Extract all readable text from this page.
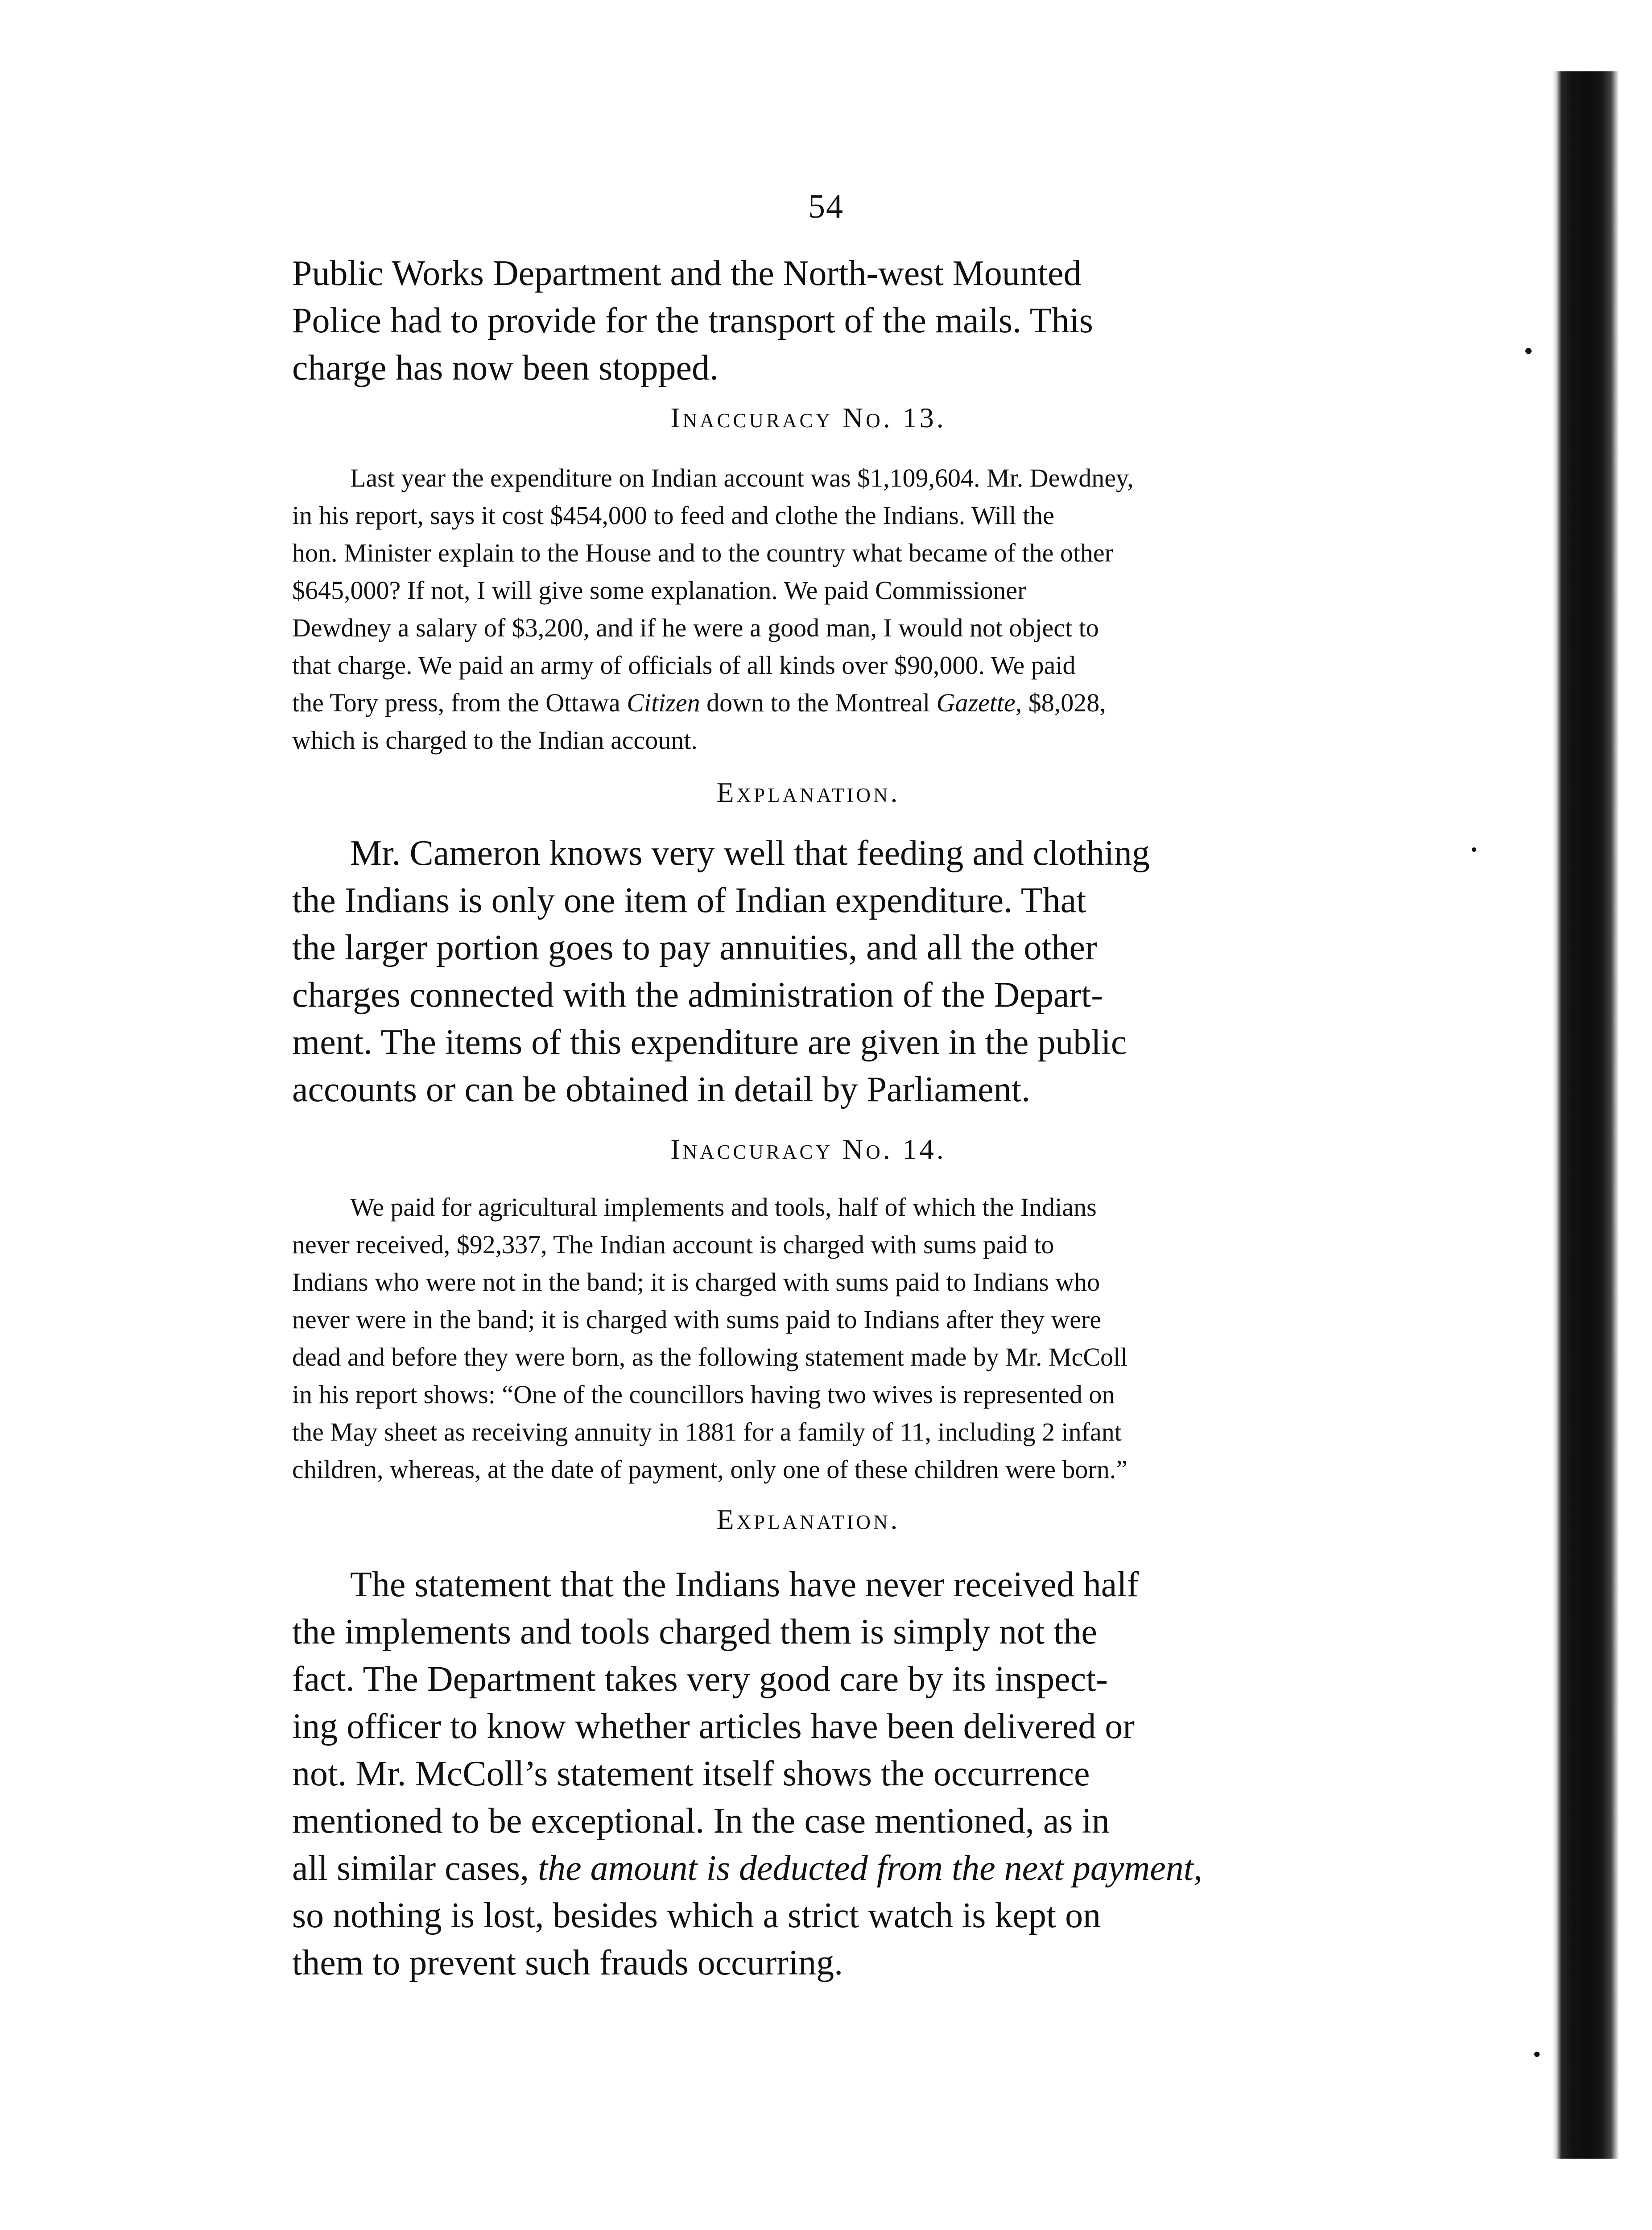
54

Public Works Department and the North-west Mounted
Police had to provide for the transport of the mails. This
charge has now been stopped.

Inaccuracy No. 13.

Last year the expenditure on Indian account was $1,109,604. Mr. Dewdney,
in his report, says it cost $454,000 to feed and clothe the Indians. Will the
hon. Minister explain to the House and to the country what became of the other
$645,000? If not, I will give some explanation. We paid Commissioner
Dewdney a salary of $3,200, and if he were a good man, I would not object to
that charge. We paid an army of officials of all kinds over $90,000. We paid
the Tory press, from the Ottawa Citizen down to the Montreal Gazette, $8,028,
which is charged to the Indian account.

Explanation.

Mr. Cameron knows very well that feeding and clothing
the Indians is only one item of Indian expenditure. That
the larger portion goes to pay annuities, and all the other
charges connected with the administration of the Depart-
ment. The items of this expenditure are given in the public
accounts or can be obtained in detail by Parliament.

Inaccuracy No. 14.

We paid for agricultural implements and tools, half of which the Indians
never received, $92,337, The Indian account is charged with sums paid to
Indians who were not in the band; it is charged with sums paid to Indians who
never were in the band; it is charged with sums paid to Indians after they were
dead and before they were born, as the following statement made by Mr. McColl
in his report shows: “One of the councillors having two wives is represented on
the May sheet as receiving annuity in 1881 for a family of 11, including 2 infant
children, whereas, at the date of payment, only one of these children were born.”

Explanation.

The statement that the Indians have never received half
the implements and tools charged them is simply not the
fact. The Department takes very good care by its inspect-
ing officer to know whether articles have been delivered or
not. Mr. McColl’s statement itself shows the occurrence
mentioned to be exceptional. In the case mentioned, as in
all similar cases, the amount is deducted from the next payment,
so nothing is lost, besides which a strict watch is kept on
them to prevent such frauds occurring.
